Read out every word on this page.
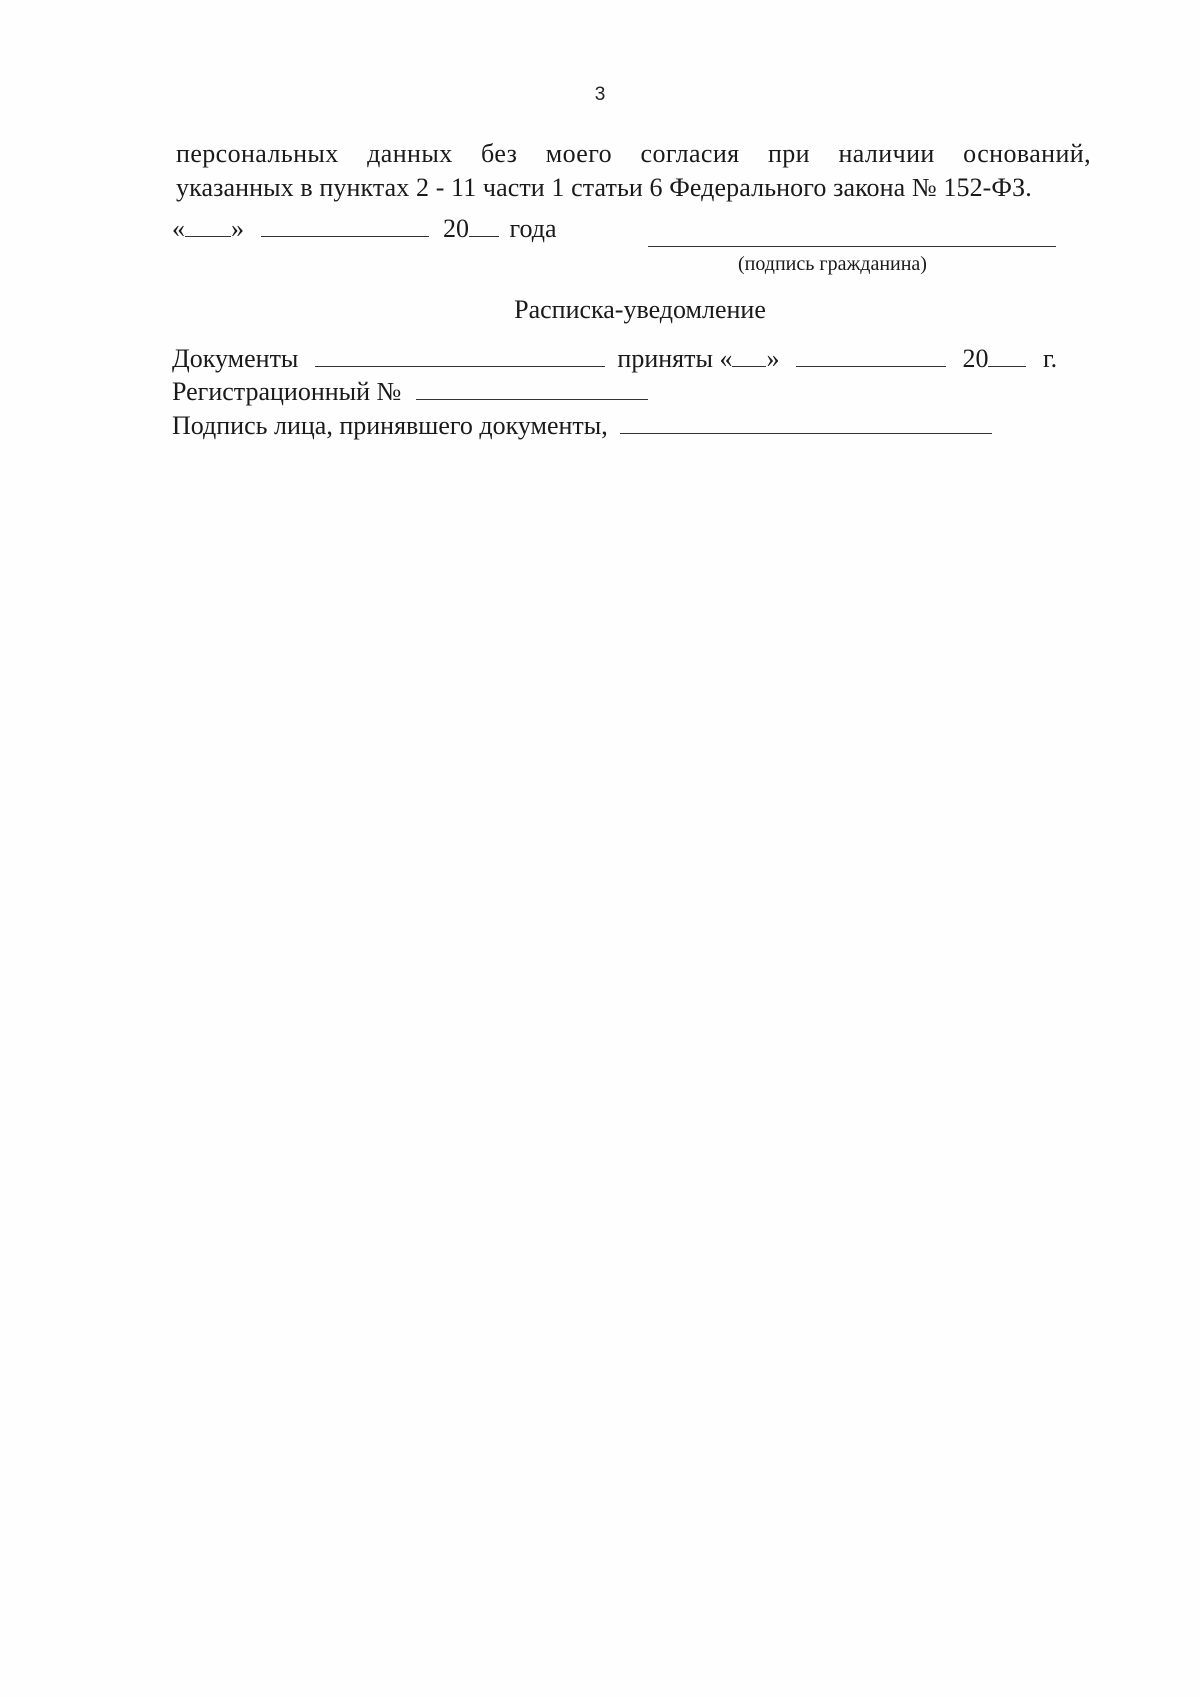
3
персональных данных без моего согласия при наличии оснований,
указанных в пунктах 2 - 11 части 1 статьи 6 Федерального закона № 152-ФЗ.
« »	20 года
(подпись гражданина)
Расписка-уведомление
Документы	приняты « »	20 г.
Регистрационный №
Подпись лица, принявшего документы,
